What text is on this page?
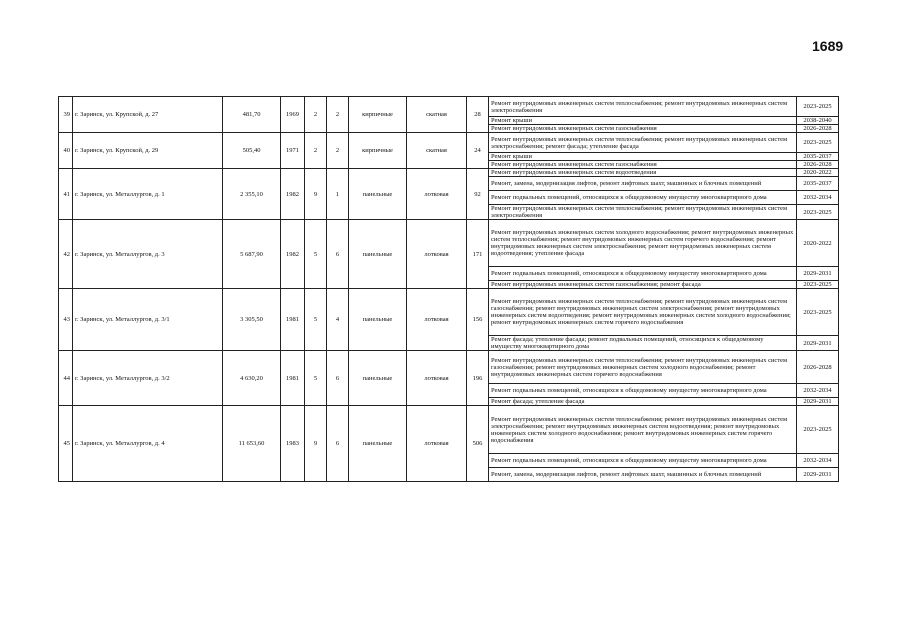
1689
39	г. Заринск, ул. Крупской, д. 27	481,70	1969	2	2	кирпичные	скатная	28	Ремонт внутридомовых инженерных систем теплоснабжения; ремонт внутридомовых инженерных систем электроснабжения	2023-2025
									Ремонт крыши	2038-2040
									Ремонт внутридомовых инженерных систем газоснабжения	2026-2028
40	г. Заринск, ул. Крупской, д. 29	505,40	1971	2	2	кирпичные	скатная	24	Ремонт внутридомовых инженерных систем теплоснабжения; ремонт внутридомовых инженерных систем электроснабжения; ремонт фасада; утепление фасада	2023-2025
									Ремонт крыши	2035-2037
									Ремонт внутридомовых инженерных систем газоснабжения	2026-2028
41	г. Заринск, ул. Металлургов, д. 1	2 355,10	1982	9	1	панельные	лотковая	92	Ремонт внутридомовых инженерных систем водоотведения	2020-2022
									Ремонт, замена, модернизация лифтов, ремонт лифтовых шахт, машинных и блочных помещений	2035-2037
									Ремонт подвальных помещений, относящихся к общедомовому имуществу многоквартирного дома	2032-2034
									Ремонт внутридомовых инженерных систем теплоснабжения; ремонт внутридомовых инженерных систем электроснабжения	2023-2025
42	г. Заринск, ул. Металлургов, д. 3	5 687,90	1982	5	6	панельные	лотковая	171	Ремонт внутридомовых инженерных систем холодного водоснабжения; ремонт внутридомовых инженерных систем теплоснабжения; ремонт внутридомовых инженерных систем горячего водоснабжения; ремонт внутридомовых инженерных систем электроснабжения; ремонт внутридомовых инженерных систем водоотведения; утепление фасада	2020-2022
									Ремонт подвальных помещений, относящихся к общедомовому имуществу многоквартирного дома	2029-2031
									Ремонт внутридомовых инженерных систем газоснабжения; ремонт фасада	2023-2025
43	г. Заринск, ул. Металлургов, д. 3/1	3 305,50	1981	5	4	панельные	лотковая	156	Ремонт внутридомовых инженерных систем теплоснабжения; ремонт внутридомовых инженерных систем газоснабжения; ремонт внутридомовых инженерных систем электроснабжения; ремонт внутридомовых инженерных систем водоотведения; ремонт внутридомовых инженерных систем холодного водоснабжения; ремонт внутридомовых инженерных систем горячего водоснабжения	2023-2025
									Ремонт фасада; утепление фасада; ремонт подвальных помещений, относящихся к общедомовому имуществу многоквартирного дома	2029-2031
44	г. Заринск, ул. Металлургов, д. 3/2	4 630,20	1981	5	6	панельные	лотковая	196	Ремонт внутридомовых инженерных систем теплоснабжения; ремонт внутридомовых инженерных систем газоснабжения; ремонт внутридомовых инженерных систем холодного водоснабжения; ремонт внутридомовых инженерных систем горячего водоснабжения	2026-2028
									Ремонт подвальных помещений, относящихся к общедомовому имуществу многоквартирного дома	2032-2034
									Ремонт фасада; утепление фасада	2029-2031
45	г. Заринск, ул. Металлургов, д. 4	11 653,60	1983	9	6	панельные	лотковая	506	Ремонт внутридомовых инженерных систем теплоснабжения; ремонт внутридомовых инженерных систем электроснабжения; ремонт внутридомовых инженерных систем водоотведения; ремонт внутридомовых инженерных систем холодного водоснабжения; ремонт внутридомовых инженерных систем горячего водоснабжения	2023-2025
									Ремонт подвальных помещений, относящихся к общедомовому имуществу многоквартирного дома	2032-2034
									Ремонт, замена, модернизация лифтов, ремонт лифтовых шахт, машинных и блочных помещений	2029-2031
